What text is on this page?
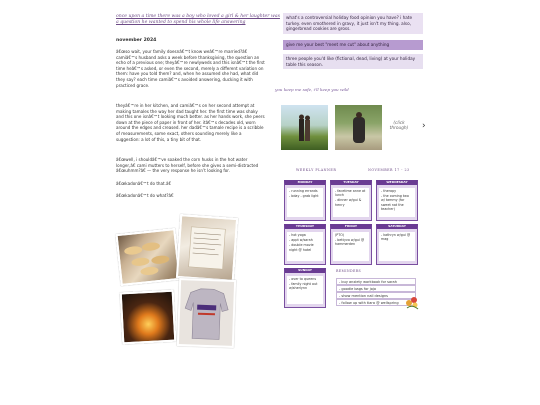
once upon a time there was a boy who loved a girl & her laughter was a question he wanted to spend his whole life answering
november 2024
â€œso wait, your family doesnâ€™t know weâ€™re married?â€ camiâ€™s husband asks a week before thanksgiving, the question an echo of a previous one; theyâ€™re newlyweds and this isnâ€™t the first time heâ€™s asked, or even the second, merely a different variation on them: have you told them? and, when he assumed she had, what did they say? each time camiâ€™s avoided answering, ducking it with practiced grace.
theyâ€™re in her kitchen, and camiâ€™s on her second attempt at making tamales the way her dad taught her. the first time was shaky and this one isnâ€™t looking much better. as her hands work, she peers down at the piece of paper in front of her. itâ€™s decades old, worn around the edges and creased. her dadâ€™s tamale recipe is a scribble of measurements, some exact, others sounding merely like a suggestion: a lot of this, a tiny bit of that.
â€œwell, i shouldâ€™ve soaked the corn husks in the hot water longer,â€ cami mutters to herself, before she gives a semi-distracted â€œuhmm?â€ — the very response he isn’t looking for.
â€œkadonâ€™t do that.â€
â€œkadonâ€™t do what?â€
what's a controversial holiday food opinion you have? i hate turkey. even smothered in gravy, it just isn't my thing. also, gingerbread cookies are gross.
give me your best "meet me cut" about anything
three people you'd like (fictional, dead, living) at your holiday table this season.
you keep me safe, i'll keep you wild
(click through)	›
WEEKLY PLANNER	NOVEMBER 17 - 23
MONDAY
- running errands
- bday - grab light
TUESDAY
- facetime anne at lunch
- dinner w/gui & henry
WEDNESDAY
- therapy
- the coming two w/ tammy (for sweet nat the teacher)
THURSDAY
- hot yoga
- appt w/sarah
- double movie night @ hotel
FRIDAY
(PTO)
- bettyvo w/gui @ hammerden
SATURDAY
- kathryn w/gui @ mag
SUNDAY
- over to queens
- family night out w/sherlynn
REMINDERS
- buy anxiety workbook for sarah
- goodie bags for jojo
- show mention nail designs
- follow up with tiara @ wellspring
